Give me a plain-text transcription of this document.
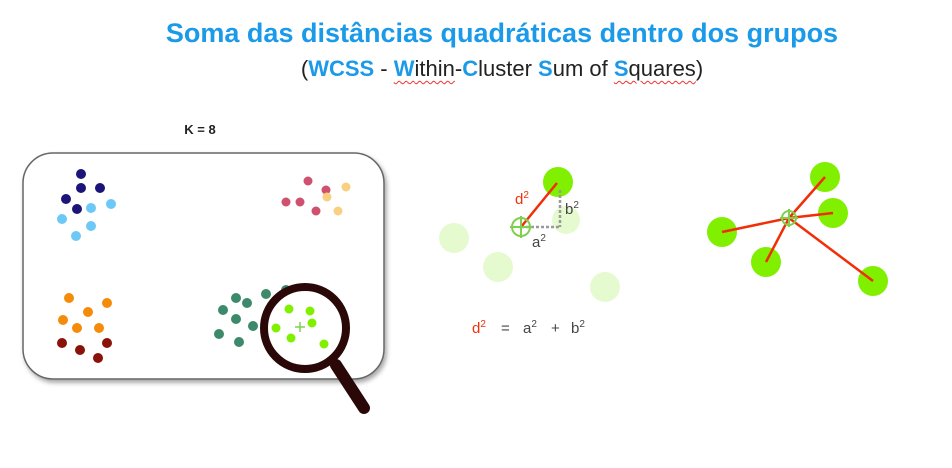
Soma das distâncias quadráticas dentro dos grupos
(WCSS - Within-Cluster Sum of Squares)
K = 8
$d^2$
$b^2$
$a^2$
$d^2 = a^2 + b^2$
